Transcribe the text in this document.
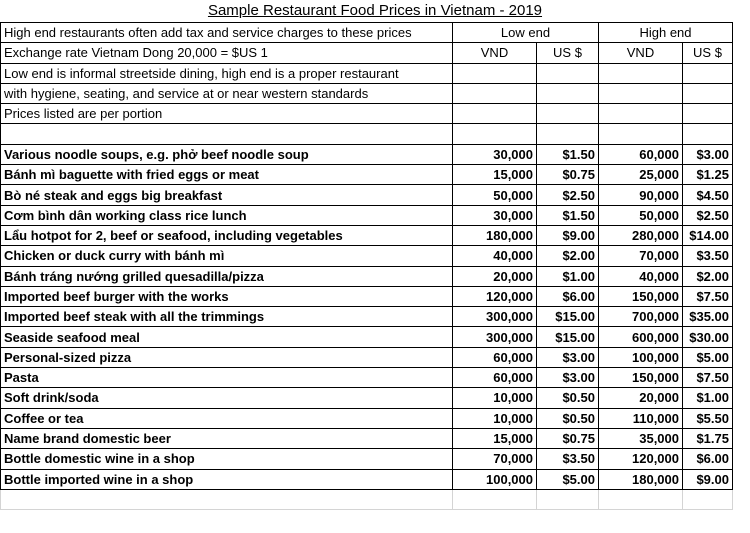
Sample Restaurant Food Prices in Vietnam - 2019
High end restaurants often add tax and service charges to these prices	Low end		High end	
Exchange rate Vietnam Dong 20,000 = $US 1	VND	US $	VND	US $
Low end is informal streetside dining, high end is a proper restaurant				
with hygiene, seating, and service at or near western standards				
Prices listed are per portion				

Various noodle soups, e.g. phở beef noodle soup	30,000	$1.50	60,000	$3.00
Bánh mì baguette with fried eggs or meat	15,000	$0.75	25,000	$1.25
Bò né steak and eggs big breakfast	50,000	$2.50	90,000	$4.50
Cơm bình dân working class rice lunch	30,000	$1.50	50,000	$2.50
Lẩu hotpot for 2, beef or seafood, including vegetables	180,000	$9.00	280,000	$14.00
Chicken or duck curry with bánh mì	40,000	$2.00	70,000	$3.50
Bánh tráng nướng grilled quesadilla/pizza	20,000	$1.00	40,000	$2.00
Imported beef burger with the works	120,000	$6.00	150,000	$7.50
Imported beef steak with all the trimmings	300,000	$15.00	700,000	$35.00
Seaside seafood meal	300,000	$15.00	600,000	$30.00
Personal-sized pizza	60,000	$3.00	100,000	$5.00
Pasta	60,000	$3.00	150,000	$7.50
Soft drink/soda	10,000	$0.50	20,000	$1.00
Coffee or tea	10,000	$0.50	110,000	$5.50
Name brand domestic beer	15,000	$0.75	35,000	$1.75
Bottle domestic wine in a shop	70,000	$3.50	120,000	$6.00
Bottle imported wine in a shop	100,000	$5.00	180,000	$9.00
